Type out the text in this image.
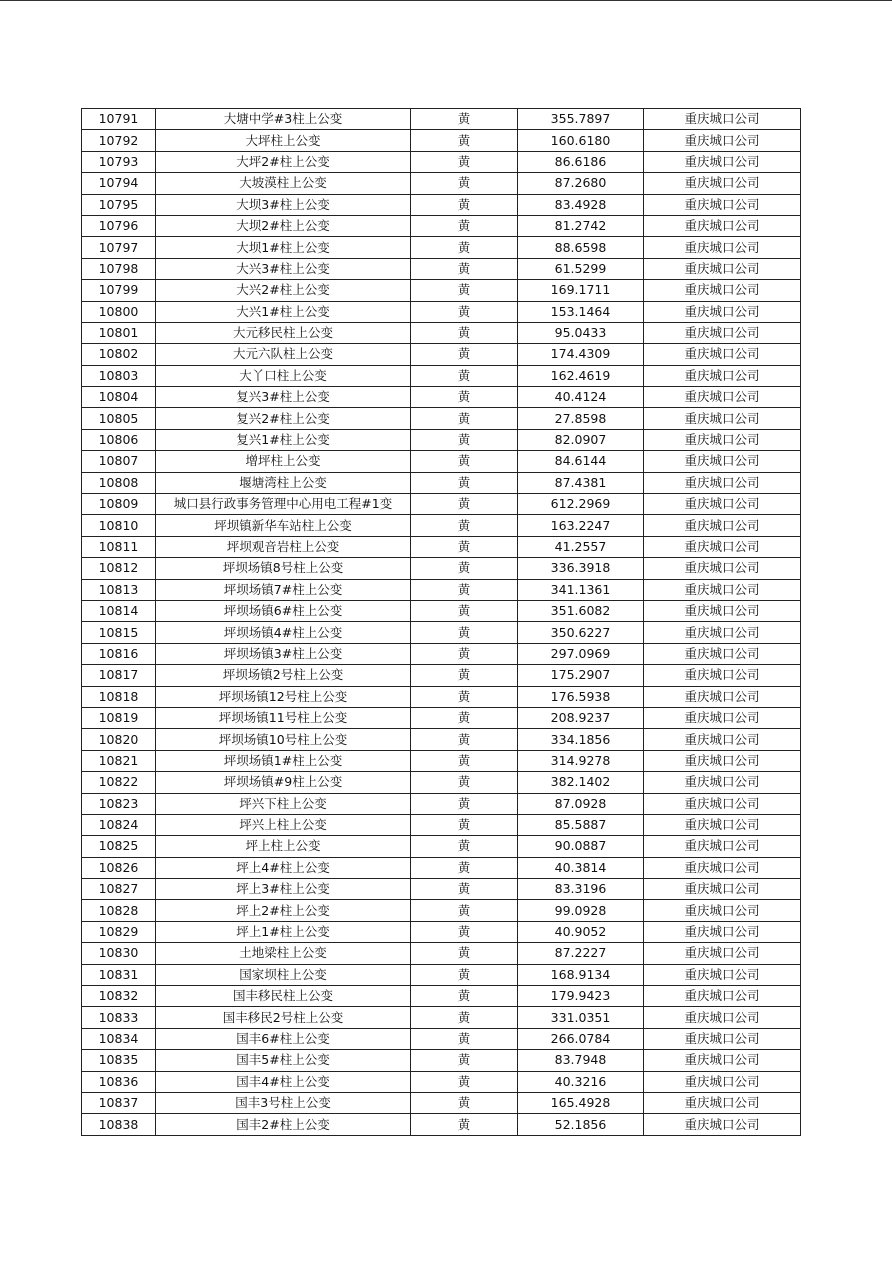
10791	大塘中学#3柱上公变	黄	355.7897	重庆城口公司
10792	大坪柱上公变	黄	160.6180	重庆城口公司
10793	大坪2#柱上公变	黄	86.6186	重庆城口公司
10794	大坡漠柱上公变	黄	87.2680	重庆城口公司
10795	大坝3#柱上公变	黄	83.4928	重庆城口公司
10796	大坝2#柱上公变	黄	81.2742	重庆城口公司
10797	大坝1#柱上公变	黄	88.6598	重庆城口公司
10798	大兴3#柱上公变	黄	61.5299	重庆城口公司
10799	大兴2#柱上公变	黄	169.1711	重庆城口公司
10800	大兴1#柱上公变	黄	153.1464	重庆城口公司
10801	大元移民柱上公变	黄	95.0433	重庆城口公司
10802	大元六队柱上公变	黄	174.4309	重庆城口公司
10803	大丫口柱上公变	黄	162.4619	重庆城口公司
10804	复兴3#柱上公变	黄	40.4124	重庆城口公司
10805	复兴2#柱上公变	黄	27.8598	重庆城口公司
10806	复兴1#柱上公变	黄	82.0907	重庆城口公司
10807	增坪柱上公变	黄	84.6144	重庆城口公司
10808	堰塘湾柱上公变	黄	87.4381	重庆城口公司
10809	城口县行政事务管理中心用电工程#1变	黄	612.2969	重庆城口公司
10810	坪坝镇新华车站柱上公变	黄	163.2247	重庆城口公司
10811	坪坝观音岩柱上公变	黄	41.2557	重庆城口公司
10812	坪坝场镇8号柱上公变	黄	336.3918	重庆城口公司
10813	坪坝场镇7#柱上公变	黄	341.1361	重庆城口公司
10814	坪坝场镇6#柱上公变	黄	351.6082	重庆城口公司
10815	坪坝场镇4#柱上公变	黄	350.6227	重庆城口公司
10816	坪坝场镇3#柱上公变	黄	297.0969	重庆城口公司
10817	坪坝场镇2号柱上公变	黄	175.2907	重庆城口公司
10818	坪坝场镇12号柱上公变	黄	176.5938	重庆城口公司
10819	坪坝场镇11号柱上公变	黄	208.9237	重庆城口公司
10820	坪坝场镇10号柱上公变	黄	334.1856	重庆城口公司
10821	坪坝场镇1#柱上公变	黄	314.9278	重庆城口公司
10822	坪坝场镇#9柱上公变	黄	382.1402	重庆城口公司
10823	坪兴下柱上公变	黄	87.0928	重庆城口公司
10824	坪兴上柱上公变	黄	85.5887	重庆城口公司
10825	坪上柱上公变	黄	90.0887	重庆城口公司
10826	坪上4#柱上公变	黄	40.3814	重庆城口公司
10827	坪上3#柱上公变	黄	83.3196	重庆城口公司
10828	坪上2#柱上公变	黄	99.0928	重庆城口公司
10829	坪上1#柱上公变	黄	40.9052	重庆城口公司
10830	土地梁柱上公变	黄	87.2227	重庆城口公司
10831	国家坝柱上公变	黄	168.9134	重庆城口公司
10832	国丰移民柱上公变	黄	179.9423	重庆城口公司
10833	国丰移民2号柱上公变	黄	331.0351	重庆城口公司
10834	国丰6#柱上公变	黄	266.0784	重庆城口公司
10835	国丰5#柱上公变	黄	83.7948	重庆城口公司
10836	国丰4#柱上公变	黄	40.3216	重庆城口公司
10837	国丰3号柱上公变	黄	165.4928	重庆城口公司
10838	国丰2#柱上公变	黄	52.1856	重庆城口公司
